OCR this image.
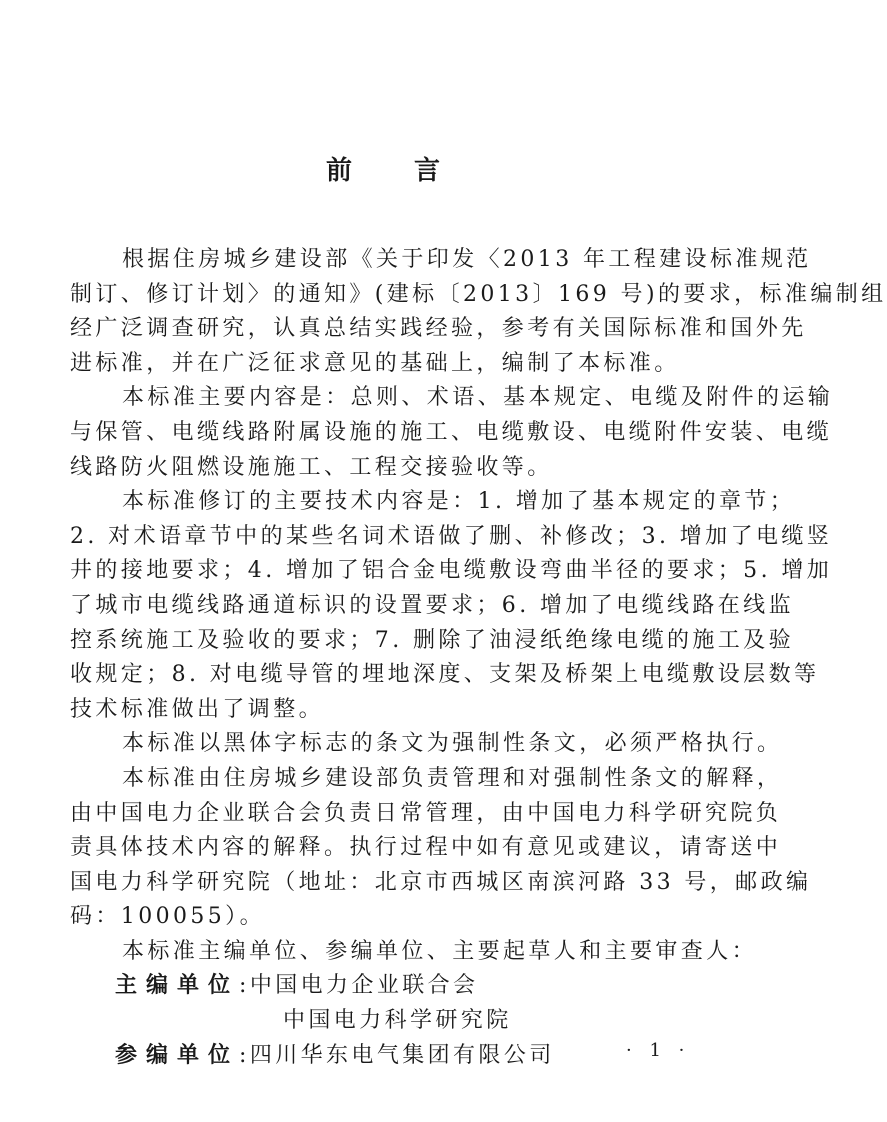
前言

根据住房城乡建设部《关于印发〈2013 年工程建设标准规范
制订、修订计划〉的通知》(建标〔2013〕169 号)的要求，标准编制组
经广泛调查研究，认真总结实践经验，参考有关国际标准和国外先
进标准，并在广泛征求意见的基础上，编制了本标准。

本标准主要内容是：总则、术语、基本规定、电缆及附件的运输
与保管、电缆线路附属设施的施工、电缆敷设、电缆附件安装、电缆
线路防火阻燃设施施工、工程交接验收等。

本标准修订的主要技术内容是：1. 增加了基本规定的章节；
2. 对术语章节中的某些名词术语做了删、补修改；3. 增加了电缆竖
井的接地要求；4. 增加了铝合金电缆敷设弯曲半径的要求；5. 增加
了城市电缆线路通道标识的设置要求；6. 增加了电缆线路在线监
控系统施工及验收的要求；7. 删除了油浸纸绝缘电缆的施工及验
收规定；8. 对电缆导管的埋地深度、支架及桥架上电缆敷设层数等
技术标准做出了调整。

本标准以黑体字标志的条文为强制性条文，必须严格执行。

本标准由住房城乡建设部负责管理和对强制性条文的解释，
由中国电力企业联合会负责日常管理，由中国电力科学研究院负
责具体技术内容的解释。执行过程中如有意见或建议，请寄送中
国电力科学研究院（地址：北京市西城区南滨河路 33 号，邮政编
码：100055）。

本标准主编单位、参编单位、主要起草人和主要审查人：

主编单位:中国电力企业联合会
中国电力科学研究院
参编单位:四川华东电气集团有限公司	· 1 ·
